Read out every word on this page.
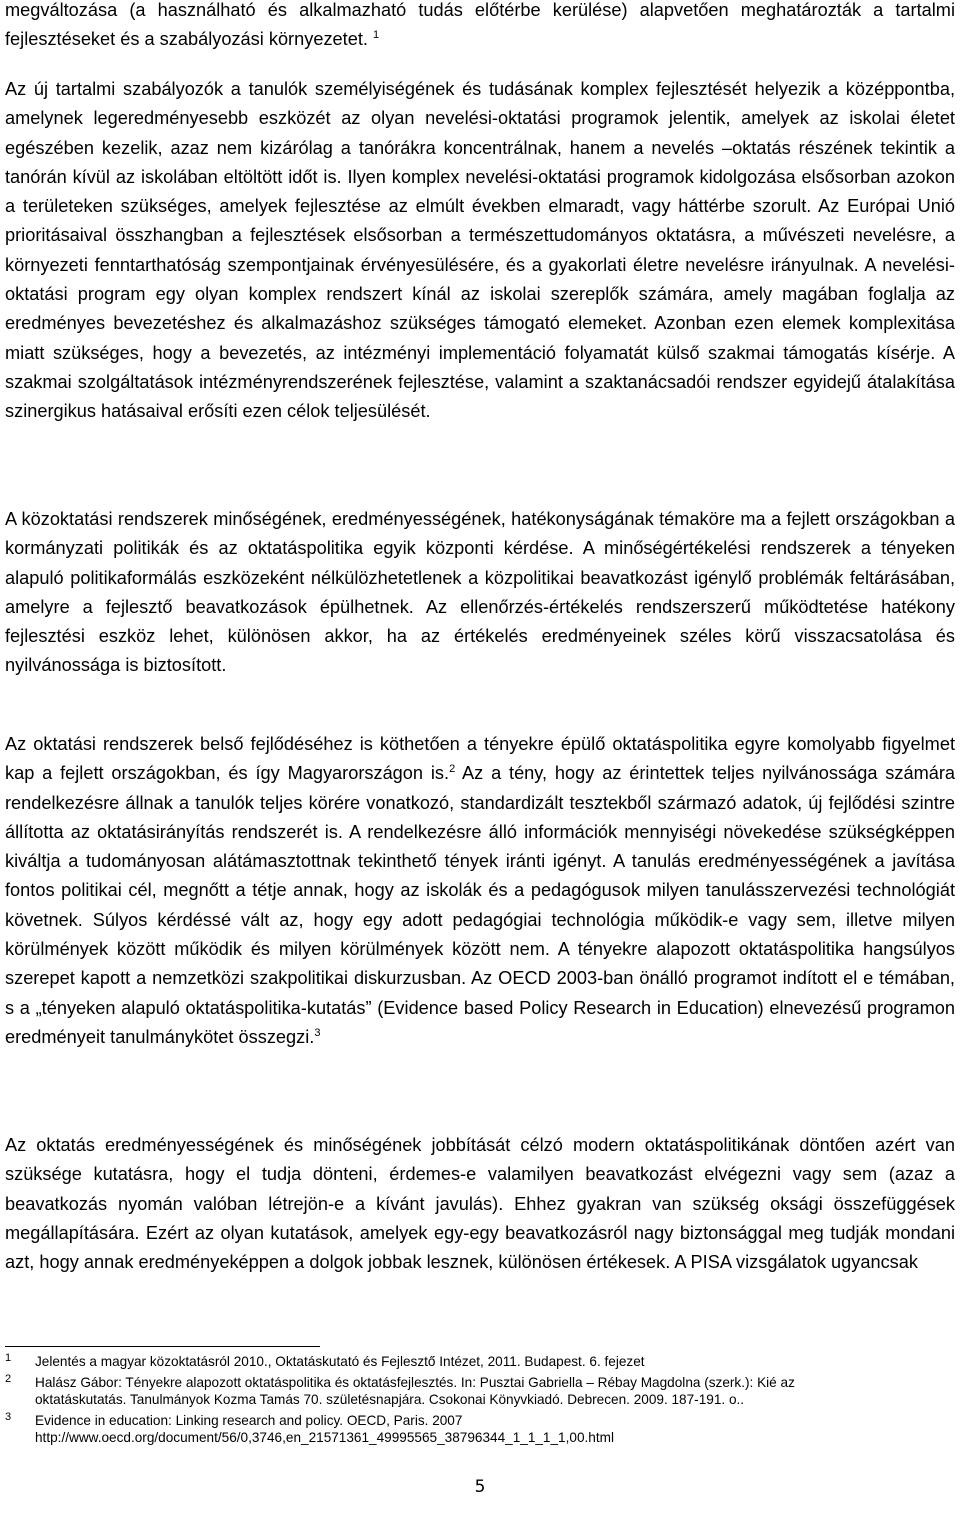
megváltozása (a használható és alkalmazható tudás előtérbe kerülése) alapvetően meghatározták a tartalmi fejlesztéseket és a szabályozási környezetet. $^1$

Az új tartalmi szabályozók a tanulók személyiségének és tudásának komplex fejlesztését helyezik a középpontba, amelynek legeredményesebb eszközét az olyan nevelési-oktatási programok jelentik, amelyek az iskolai életet egészében kezelik, azaz nem kizárólag a tanórákra koncentrálnak, hanem a nevelés –oktatás részének tekintik a tanórán kívül az iskolában eltöltött időt is. Ilyen komplex nevelési-oktatási programok kidolgozása elsősorban azokon a területeken szükséges, amelyek fejlesztése az elmúlt években elmaradt, vagy háttérbe szorult. Az Európai Unió prioritásaival összhangban a fejlesztések elsősorban a természettudományos oktatásra, a művészeti nevelésre, a környezeti fenntarthatóság szempontjainak érvényesülésére, és a gyakorlati életre nevelésre irányulnak. A nevelési-oktatási program egy olyan komplex rendszert kínál az iskolai szereplők számára, amely magában foglalja az eredményes bevezetéshez és alkalmazáshoz szükséges támogató elemeket. Azonban ezen elemek komplexitása miatt szükséges, hogy a bevezetés, az intézményi implementáció folyamatát külső szakmai támogatás kísérje. A szakmai szolgáltatások intézményrendszerének fejlesztése, valamint a szaktanácsadói rendszer egyidejű átalakítása szinergikus hatásaival erősíti ezen célok teljesülését.

A közoktatási rendszerek minőségének, eredményességének, hatékonyságának témaköre ma a fejlett országokban a kormányzati politikák és az oktatáspolitika egyik központi kérdése. A minőségértékelési rendszerek a tényeken alapuló politikaformálás eszközeként nélkülözhetetlenek a közpolitikai beavatkozást igénylő problémák feltárásában, amelyre a fejlesztő beavatkozások épülhetnek. Az ellenőrzés-értékelés rendszerszerű működtetése hatékony fejlesztési eszköz lehet, különösen akkor, ha az értékelés eredményeinek széles körű visszacsatolása és nyilvánossága is biztosított.

Az oktatási rendszerek belső fejlődéséhez is köthetően a tényekre épülő oktatáspolitika egyre komolyabb figyelmet kap a fejlett országokban, és így Magyarországon is.$^2$ Az a tény, hogy az érintettek teljes nyilvánossága számára rendelkezésre állnak a tanulók teljes körére vonatkozó, standardizált tesztekből származó adatok, új fejlődési szintre állította az oktatásirányítás rendszerét is. A rendelkezésre álló információk mennyiségi növekedése szükségképpen kiváltja a tudományosan alátámasztottnak tekinthető tények iránti igényt. A tanulás eredményességének a javítása fontos politikai cél, megnőtt a tétje annak, hogy az iskolák és a pedagógusok milyen tanulásszervezési technológiát követnek. Súlyos kérdéssé vált az, hogy egy adott pedagógiai technológia működik-e vagy sem, illetve milyen körülmények között működik és milyen körülmények között nem. A tényekre alapozott oktatáspolitika hangsúlyos szerepet kapott a nemzetközi szakpolitikai diskurzusban. Az OECD 2003-ban önálló programot indított el e témában, s a „tényeken alapuló oktatáspolitika-kutatás” (Evidence based Policy Research in Education) elnevezésű programon eredményeit tanulmánykötet összegzi.$^3$

Az oktatás eredményességének és minőségének jobbítását célzó modern oktatáspolitikának döntően azért van szüksége kutatásra, hogy el tudja dönteni, érdemes-e valamilyen beavatkozást elvégezni vagy sem (azaz a beavatkozás nyomán valóban létrejön-e a kívánt javulás). Ehhez gyakran van szükség oksági összefüggések megállapítására. Ezért az olyan kutatások, amelyek egy-egy beavatkozásról nagy biztonsággal meg tudják mondani azt, hogy annak eredményeképpen a dolgok jobbak lesznek, különösen értékesek. A PISA vizsgálatok ugyancsak

1 Jelentés a magyar közoktatásról 2010., Oktatáskutató és Fejlesztő Intézet, 2011. Budapest. 6. fejezet

2 Halász Gábor: Tényekre alapozott oktatáspolitika és oktatásfejlesztés. In: Pusztai Gabriella – Rébay Magdolna (szerk.): Kié az
oktatáskutatás. Tanulmányok Kozma Tamás 70. születésnapjára. Csokonai Könyvkiadó. Debrecen. 2009. 187-191. o..

3 Evidence in education: Linking research and policy. OECD, Paris. 2007
http://www.oecd.org/document/56/0,3746,en_21571361_49995565_38796344_1_1_1_1,00.html

5
